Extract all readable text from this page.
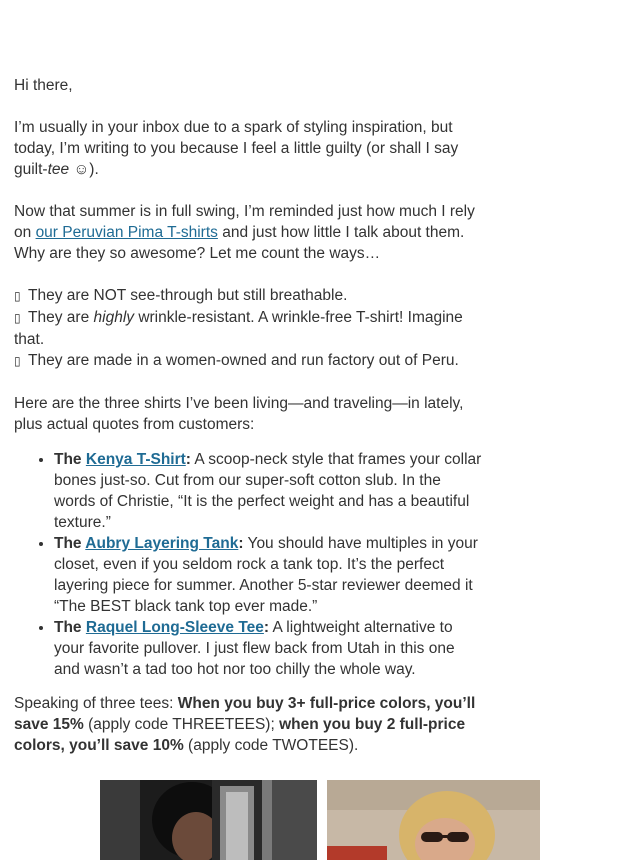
Hi there,

I’m usually in your inbox due to a spark of styling inspiration, but today, I’m writing to you because I feel a little guilty (or shall I say guilt-tee ☺).

Now that summer is in full swing, I’m reminded just how much I rely on our Peruvian Pima T-shirts and just how little I talk about them. Why are they so awesome? Let me count the ways…

▯ They are NOT see-through but still breathable.
▯ They are highly wrinkle-resistant. A wrinkle-free T-shirt! Imagine that.
▯ They are made in a women-owned and run factory out of Peru.

Here are the three shirts I’ve been living—and traveling—in lately, plus actual quotes from customers:

• The Kenya T-Shirt: A scoop-neck style that frames your collar bones just-so. Cut from our super-soft cotton slub. In the words of Christie, “It is the perfect weight and has a beautiful texture.”
• The Aubry Layering Tank: You should have multiples in your closet, even if you seldom rock a tank top. It’s the perfect layering piece for summer. Another 5-star reviewer deemed it “The BEST black tank top ever made.”
• The Raquel Long-Sleeve Tee: A lightweight alternative to your favorite pullover. I just flew back from Utah in this one and wasn’t a tad too hot nor too chilly the whole way.

Speaking of three tees: When you buy 3+ full-price colors, you’ll save 15% (apply code THREETEES); when you buy 2 full-price colors, you’ll save 10% (apply code TWOTEES).
